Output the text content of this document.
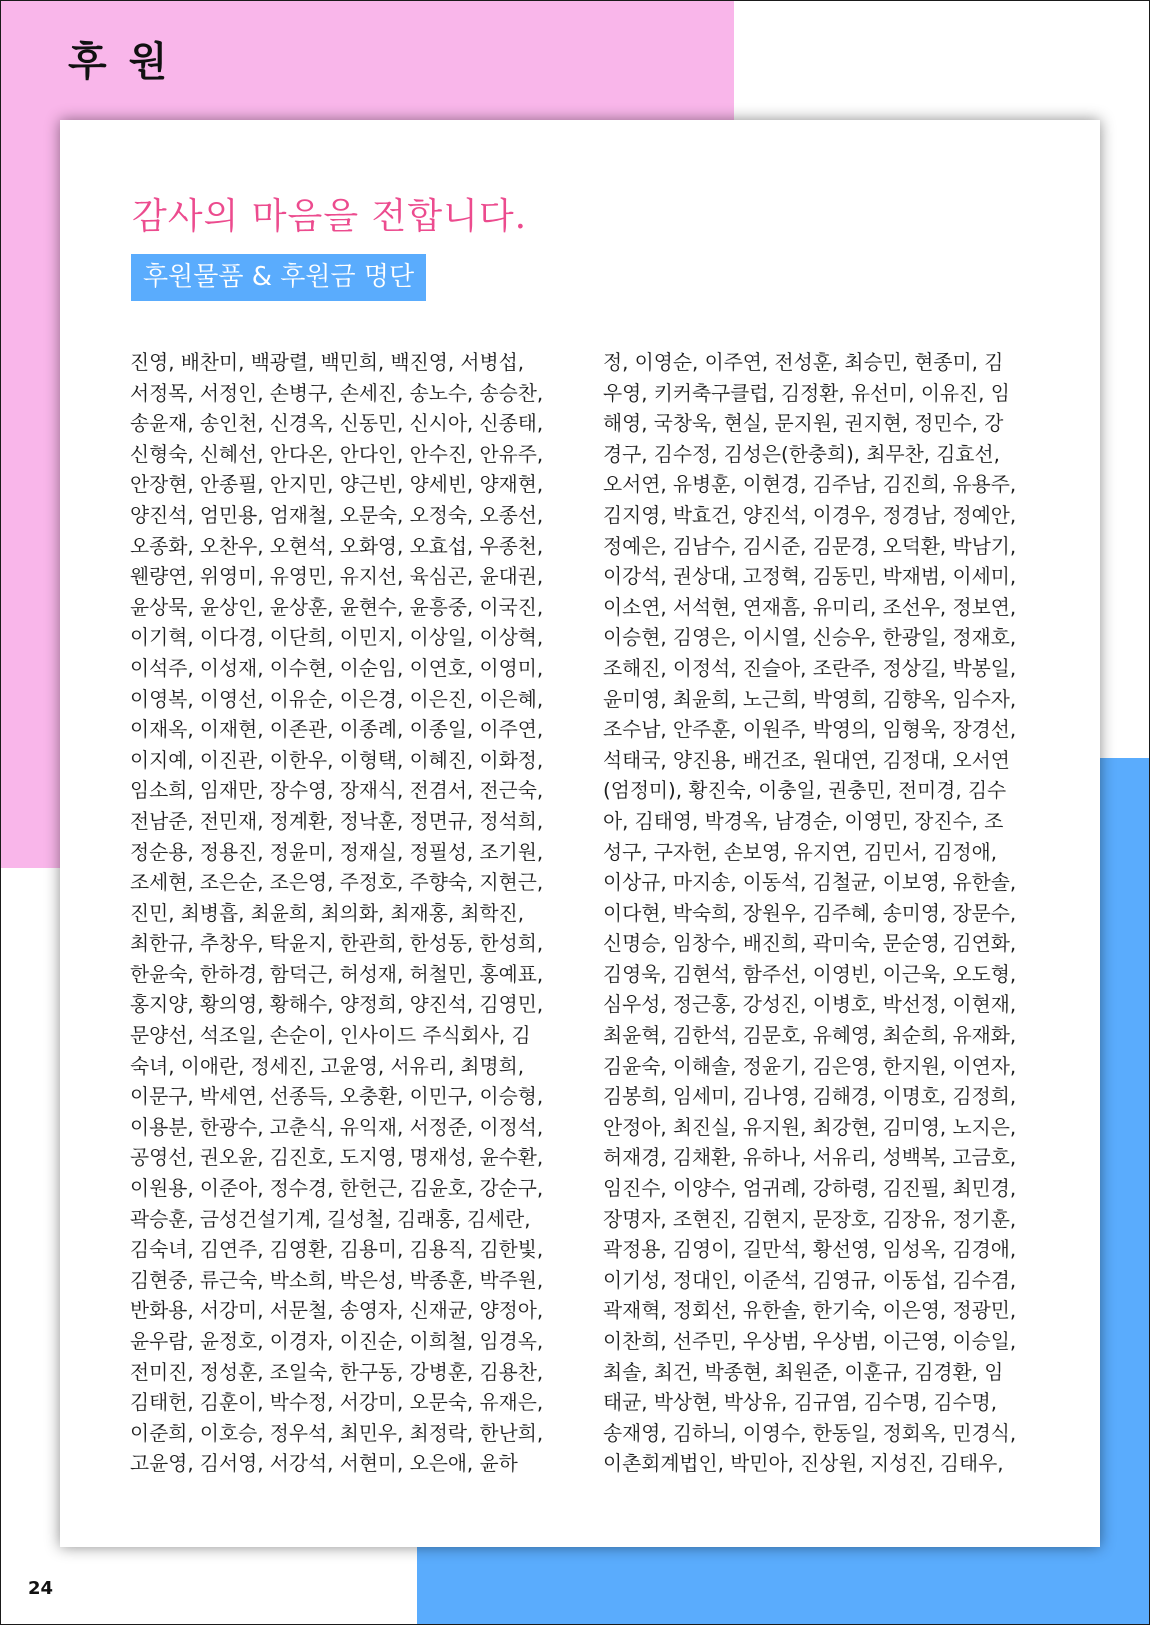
후 원
감사의 마음을 전합니다.
후원물품 & 후원금 명단
진영, 배찬미, 백광렬, 백민희, 백진영, 서병섭,
서정목, 서정인, 손병구, 손세진, 송노수, 송승찬,
송윤재, 송인천, 신경옥, 신동민, 신시아, 신종태,
신형숙, 신혜선, 안다온, 안다인, 안수진, 안유주,
안장현, 안종필, 안지민, 양근빈, 양세빈, 양재현,
양진석, 엄민용, 엄재철, 오문숙, 오정숙, 오종선,
오종화, 오찬우, 오현석, 오화영, 오효섭, 우종천,
웬량연, 위영미, 유영민, 유지선, 육심곤, 윤대권,
윤상묵, 윤상인, 윤상훈, 윤현수, 윤흥중, 이국진,
이기혁, 이다경, 이단희, 이민지, 이상일, 이상혁,
이석주, 이성재, 이수현, 이순임, 이연호, 이영미,
이영복, 이영선, 이유순, 이은경, 이은진, 이은혜,
이재옥, 이재현, 이존관, 이종례, 이종일, 이주연,
이지예, 이진관, 이한우, 이형택, 이혜진, 이화정,
임소희, 임재만, 장수영, 장재식, 전겸서, 전근숙,
전남준, 전민재, 정계환, 정낙훈, 정면규, 정석희,
정순용, 정용진, 정윤미, 정재실, 정필성, 조기원,
조세현, 조은순, 조은영, 주정호, 주향숙, 지현근,
진민, 최병흡, 최윤희, 최의화, 최재홍, 최학진,
최한규, 추창우, 탁윤지, 한관희, 한성동, 한성희,
한윤숙, 한하경, 함덕근, 허성재, 허철민, 홍예표,
홍지양, 황의영, 황해수, 양정희, 양진석, 김영민,
문양선, 석조일, 손순이, 인사이드 주식회사, 김
숙녀, 이애란, 정세진, 고윤영, 서유리, 최명희,
이문구, 박세연, 선종득, 오충환, 이민구, 이승형,
이용분, 한광수, 고춘식, 유익재, 서정준, 이정석,
공영선, 권오윤, 김진호, 도지영, 명재성, 윤수환,
이원용, 이준아, 정수경, 한헌근, 김윤호, 강순구,
곽승훈, 금성건설기계, 길성철, 김래홍, 김세란,
김숙녀, 김연주, 김영환, 김용미, 김용직, 김한빛,
김현중, 류근숙, 박소희, 박은성, 박종훈, 박주원,
반화용, 서강미, 서문철, 송영자, 신재균, 양정아,
윤우람, 윤정호, 이경자, 이진순, 이희철, 임경옥,
전미진, 정성훈, 조일숙, 한구동, 강병훈, 김용찬,
김태헌, 김훈이, 박수정, 서강미, 오문숙, 유재은,
이준희, 이호승, 정우석, 최민우, 최정락, 한난희,
고윤영, 김서영, 서강석, 서현미, 오은애, 윤하
정, 이영순, 이주연, 전성훈, 최승민, 현종미, 김
우영, 키커축구클럽, 김정환, 유선미, 이유진, 임
해영, 국창욱, 현실, 문지원, 권지현, 정민수, 강
경구, 김수정, 김성은(한충희), 최무찬, 김효선,
오서연, 유병훈, 이현경, 김주남, 김진희, 유용주,
김지영, 박효건, 양진석, 이경우, 정경남, 정예안,
정예은, 김남수, 김시준, 김문경, 오덕환, 박남기,
이강석, 권상대, 고정혁, 김동민, 박재범, 이세미,
이소연, 서석현, 연재흠, 유미리, 조선우, 정보연,
이승현, 김영은, 이시열, 신승우, 한광일, 정재호,
조해진, 이정석, 진슬아, 조란주, 정상길, 박봉일,
윤미영, 최윤희, 노근희, 박영희, 김향옥, 임수자,
조수남, 안주훈, 이원주, 박영의, 임형욱, 장경선,
석태국, 양진용, 배건조, 원대연, 김정대, 오서연
(엄정미), 황진숙, 이충일, 권충민, 전미경, 김수
아, 김태영, 박경옥, 남경순, 이영민, 장진수, 조
성구, 구자헌, 손보영, 유지연, 김민서, 김정애,
이상규, 마지송, 이동석, 김철균, 이보영, 유한솔,
이다현, 박숙희, 장원우, 김주혜, 송미영, 장문수,
신명승, 임창수, 배진희, 곽미숙, 문순영, 김연화,
김영욱, 김현석, 함주선, 이영빈, 이근욱, 오도형,
심우성, 정근홍, 강성진, 이병호, 박선정, 이현재,
최윤혁, 김한석, 김문호, 유혜영, 최순희, 유재화,
김윤숙, 이해솔, 정윤기, 김은영, 한지원, 이연자,
김봉희, 임세미, 김나영, 김해경, 이명호, 김정희,
안정아, 최진실, 유지원, 최강현, 김미영, 노지은,
허재경, 김채환, 유하나, 서유리, 성백복, 고금호,
임진수, 이양수, 엄귀례, 강하령, 김진필, 최민경,
장명자, 조현진, 김현지, 문장호, 김장유, 정기훈,
곽정용, 김영이, 길만석, 황선영, 임성옥, 김경애,
이기성, 정대인, 이준석, 김영규, 이동섭, 김수겸,
곽재혁, 정회선, 유한솔, 한기숙, 이은영, 정광민,
이찬희, 선주민, 우상범, 우상범, 이근영, 이승일,
최솔, 최건, 박종현, 최원준, 이훈규, 김경환, 임
태균, 박상현, 박상유, 김규염, 김수명, 김수명,
송재영, 김하늬, 이영수, 한동일, 정회옥, 민경식,
이촌회계법인, 박민아, 진상원, 지성진, 김태우,
24
